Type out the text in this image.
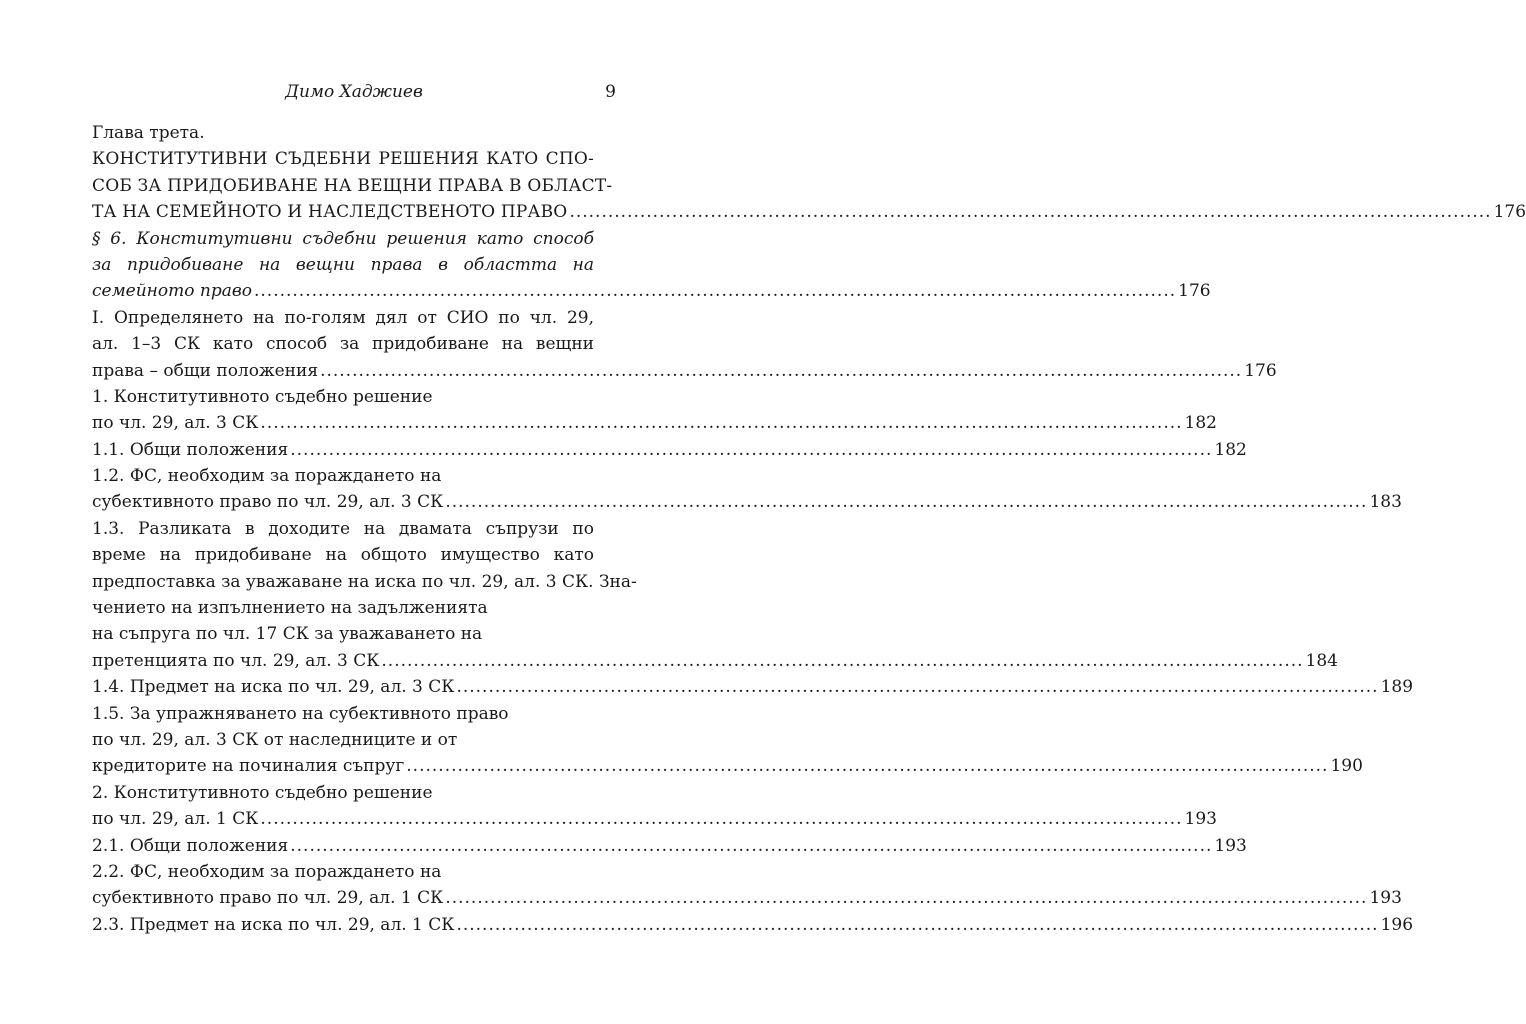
Димо Хаджиев	9
Глава трета.
КОНСТИТУТИВНИ СЪДЕБНИ РЕШЕНИЯ КАТО СПО-
СОБ ЗА ПРИДОБИВАНЕ НА ВЕЩНИ ПРАВА В ОБЛАСТ-
ТА НА СЕМЕЙНОТО И НАСЛЕДСТВЕНОТО ПРАВО .....	176
§ 6. Конститутивни съдебни решения като способ
за придобиване на вещни права в областта на
семейното право .....	176
I. Определянето на по-голям дял от СИО по чл. 29,
ал. 1–3 СК като способ за придобиване на вещни
права – общи положения .....	176
1. Конститутивното съдебно решение
по чл. 29, ал. 3 СК .....	182
1.1. Общи положения .....	182
1.2. ФС, необходим за пораждането на
субективното право по чл. 29, ал. 3 СК .....	183
1.3. Разликата в доходите на двамата съпрузи по
време на придобиване на общото имущество като
предпоставка за уважаване на иска по чл. 29, ал. 3 СК. Зна-
чението на изпълнението на задълженията
на съпруга по чл. 17 СК за уважаването на
претенцията по чл. 29, ал. 3 СК .....	184
1.4. Предмет на иска по чл. 29, ал. 3 СК .....	189
1.5. За упражняването на субективното право
по чл. 29, ал. 3 СК от наследниците и от
кредиторите на починалия съпруг .....	190
2. Конститутивното съдебно решение
по чл. 29, ал. 1 СК .....	193
2.1. Общи положения .....	193
2.2. ФС, необходим за пораждането на
субективното право по чл. 29, ал. 1 СК .....	193
2.3. Предмет на иска по чл. 29, ал. 1 СК .....	196
